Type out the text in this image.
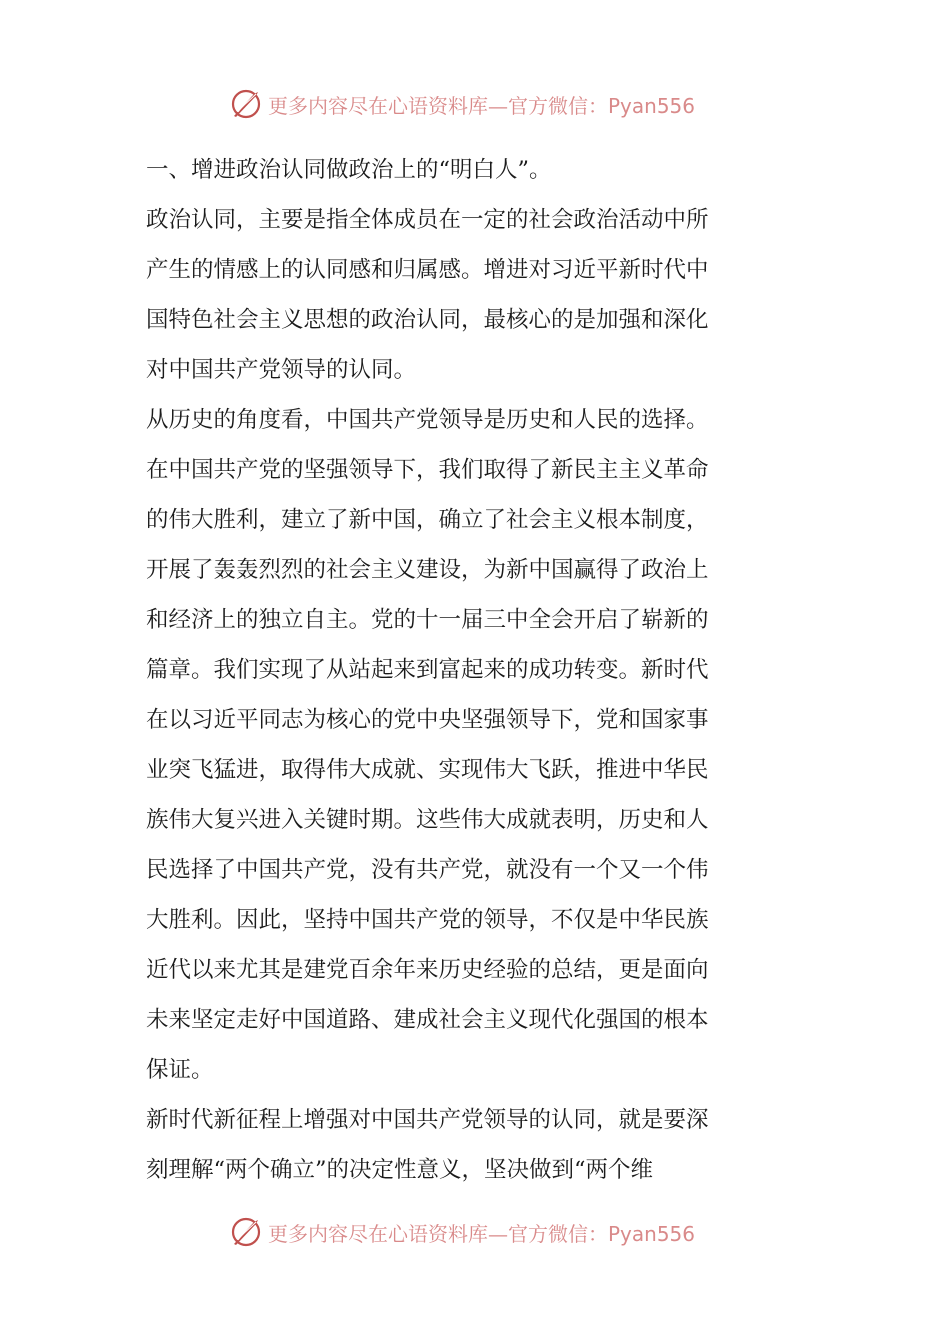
更多内容尽在心语资料库—官方微信：Pyan556
一、增进政治认同做政治上的“明白人”。
政治认同，主要是指全体成员在一定的社会政治活动中所
产生的情感上的认同感和归属感。增进对习近平新时代中
国特色社会主义思想的政治认同，最核心的是加强和深化
对中国共产党领导的认同。
从历史的角度看，中国共产党领导是历史和人民的选择。
在中国共产党的坚强领导下，我们取得了新民主主义革命
的伟大胜利，建立了新中国，确立了社会主义根本制度，
开展了轰轰烈烈的社会主义建设，为新中国赢得了政治上
和经济上的独立自主。党的十一届三中全会开启了崭新的
篇章。我们实现了从站起来到富起来的成功转变。新时代
在以习近平同志为核心的党中央坚强领导下，党和国家事
业突飞猛进，取得伟大成就、实现伟大飞跃，推进中华民
族伟大复兴进入关键时期。这些伟大成就表明，历史和人
民选择了中国共产党，没有共产党，就没有一个又一个伟
大胜利。因此，坚持中国共产党的领导，不仅是中华民族
近代以来尤其是建党百余年来历史经验的总结，更是面向
未来坚定走好中国道路、建成社会主义现代化强国的根本
保证。
新时代新征程上增强对中国共产党领导的认同，就是要深
刻理解“两个确立”的决定性意义，坚决做到“两个维
更多内容尽在心语资料库—官方微信：Pyan556
